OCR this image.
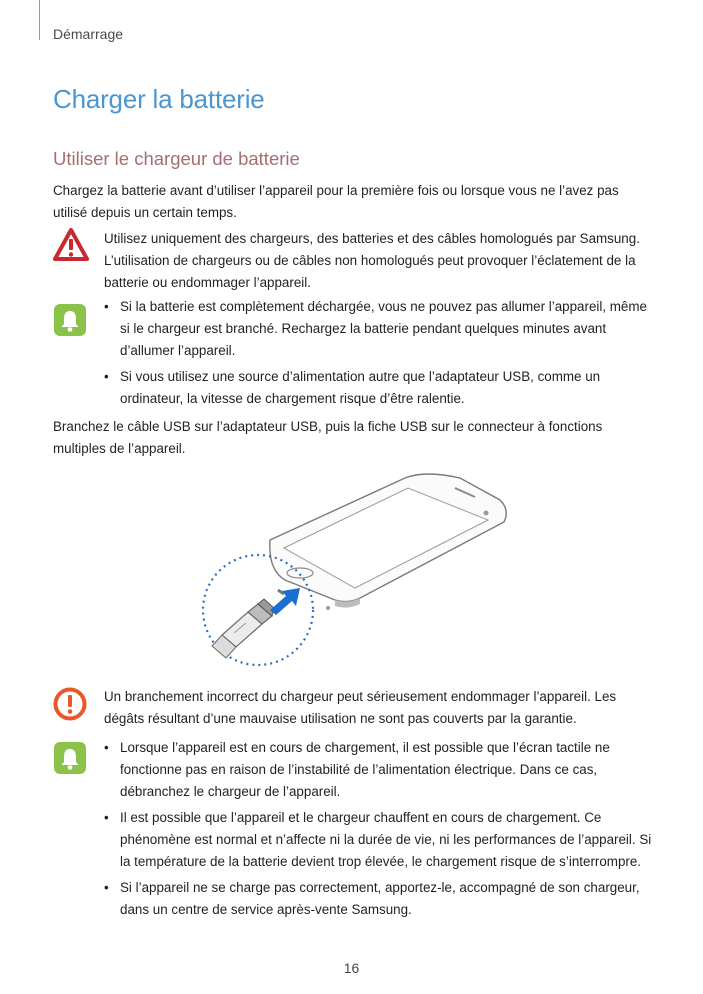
Démarrage
Charger la batterie
Utiliser le chargeur de batterie

Chargez la batterie avant d’utiliser l’appareil pour la première fois ou lorsque vous ne l’avez pas utilisé depuis un certain temps.

Utilisez uniquement des chargeurs, des batteries et des câbles homologués par Samsung. L’utilisation de chargeurs ou de câbles non homologués peut provoquer l’éclatement de la batterie ou endommager l’appareil.

• Si la batterie est complètement déchargée, vous ne pouvez pas allumer l’appareil, même si le chargeur est branché. Rechargez la batterie pendant quelques minutes avant d’allumer l’appareil.
• Si vous utilisez une source d’alimentation autre que l’adaptateur USB, comme un ordinateur, la vitesse de chargement risque d’être ralentie.

Branchez le câble USB sur l’adaptateur USB, puis la fiche USB sur le connecteur à fonctions multiples de l’appareil.

Un branchement incorrect du chargeur peut sérieusement endommager l’appareil. Les dégâts résultant d’une mauvaise utilisation ne sont pas couverts par la garantie.

• Lorsque l’appareil est en cours de chargement, il est possible que l’écran tactile ne fonctionne pas en raison de l’instabilité de l’alimentation électrique. Dans ce cas, débranchez le chargeur de l’appareil.
• Il est possible que l’appareil et le chargeur chauffent en cours de chargement. Ce phénomène est normal et n’affecte ni la durée de vie, ni les performances de l’appareil. Si la température de la batterie devient trop élevée, le chargement risque de s’interrompre.
• Si l’appareil ne se charge pas correctement, apportez-le, accompagné de son chargeur, dans un centre de service après-vente Samsung.
16
